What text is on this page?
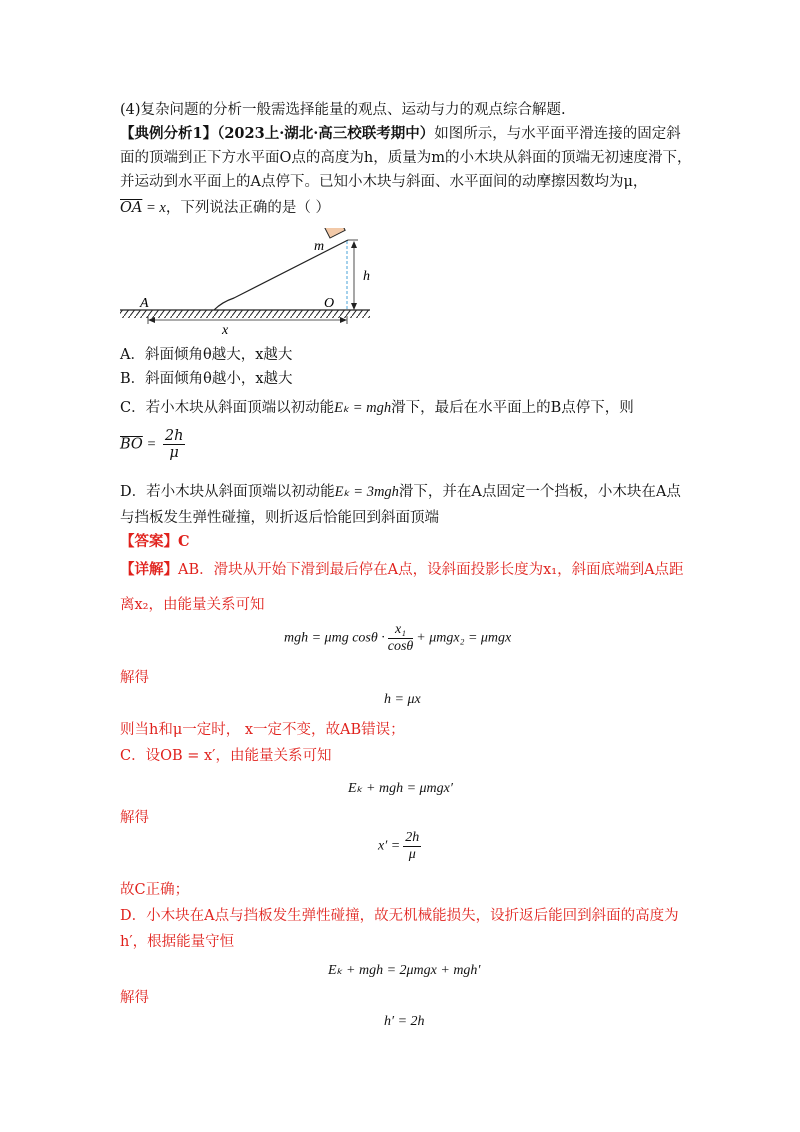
(4)复杂问题的分析一般需选择能量的观点、运动与力的观点综合解题.
【典例分析1】（2023上·湖北·高三校联考期中）如图所示，与水平面平滑连接的固定斜
面的顶端到正下方水平面O点的高度为h，质量为m的小木块从斜面的顶端无初速度滑下，
并运动到水平面上的A点停下。已知小木块与斜面、水平面间的动摩擦因数均为μ，
$\overline{OA} = x$，下列说法正确的是（ ）
m
h
A	O
x
A．斜面倾角θ越大，x越大
B．斜面倾角θ越小，x越大
C．若小木块从斜面顶端以初动能Eₖ = mgh滑下，最后在水平面上的B点停下，则
$\overline{BO} = \frac{2h}{\mu}$
D．若小木块从斜面顶端以初动能Eₖ = 3mgh滑下，并在A点固定一个挡板，小木块在A点
与挡板发生弹性碰撞，则折返后恰能回到斜面顶端
【答案】C
【详解】AB．滑块从开始下滑到最后停在A点，设斜面投影长度为x₁，斜面底端到A点距
离x₂，由能量关系可知
mgh = μmg $\cos\theta \cdot \frac{\text{x₁}}{\cos\theta} + \mu mgx_2 = \mu mgx$
解得
h = μx
则当h和μ一定时， x一定不变，故AB错误；
C．设OB = x′，由能量关系可知
Eₖ + mgh = μmgx′
解得
$x' = \frac{2h}{\mu}$
故C正确；
D．小木块在A点与挡板发生弹性碰撞，故无机械能损失，设折返后能回到斜面的高度为
h′，根据能量守恒
Eₖ + mgh = 2μmgx + mgh′
解得
h′ = 2h
